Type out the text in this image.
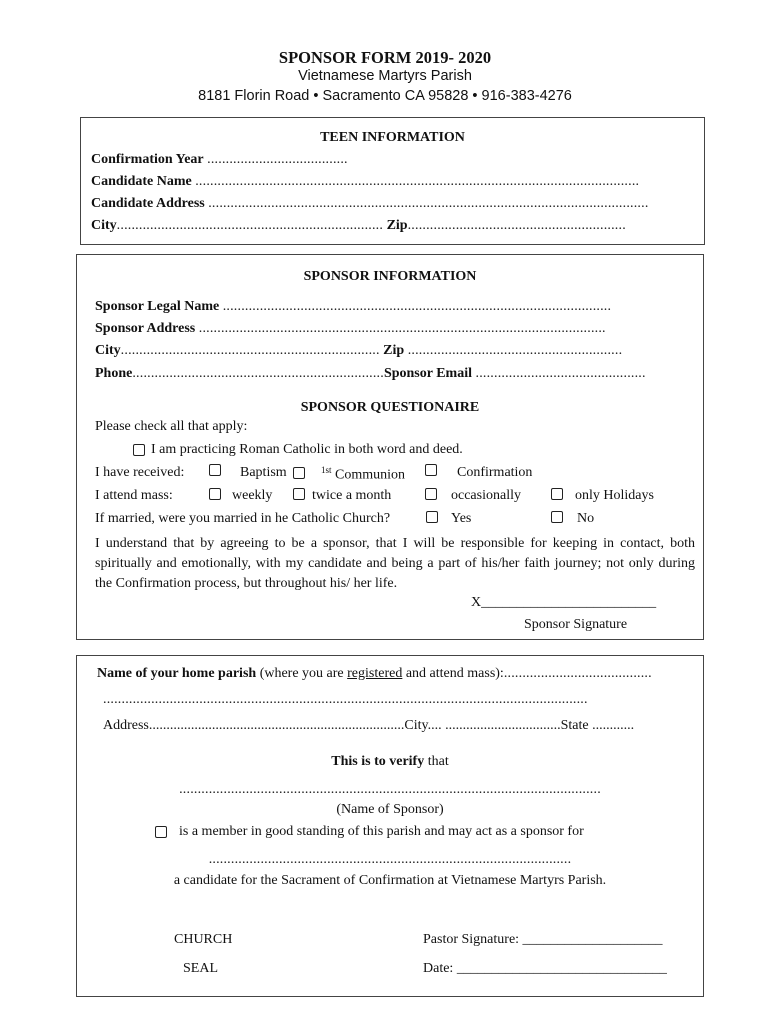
SPONSOR FORM 2019- 2020
Vietnamese Martyrs Parish
8181 Florin Road • Sacramento CA 95828 • 916-383-4276
TEEN INFORMATION
Confirmation Year ......................................
Candidate Name ........................................................................................................................
Candidate Address .......................................................................................................................
City........................................................................ Zip...........................................................
SPONSOR INFORMATION
Sponsor Legal Name .........................................................................................................
Sponsor Address ..............................................................................................................
City...................................................................... Zip ..........................................................
Phone....................................................................Sponsor Email ..............................................
SPONSOR QUESTIONAIRE
Please check all that apply:
I am practicing Roman Catholic in both word and deed.
I have received:	Baptism	$^{1st}$ Communion	Confirmation
I attend mass:	weekly	twice a month	occasionally	only Holidays
If married, were you married in he Catholic Church?	Yes	No
I understand that by agreeing to be a sponsor, that I will be responsible for keeping in contact, both spiritually and emotionally, with my candidate and being a part of his/her faith journey; not only during the Confirmation process, but throughout his/ her life.
X_________________________
Sponsor Signature
Name of your home parish (where you are registered and attend mass):........................................
...................................................................................................................................
Address.........................................................................City.... .................................State ............
This is to verify that
..................................................................................................................
(Name of Sponsor)
is a member in good standing of this parish and may act as a sponsor for
..................................................................................................
a candidate for the Sacrament of Confirmation at Vietnamese Martyrs Parish.
CHURCH
SEAL
Pastor Signature: ____________________
Date: ______________________________
